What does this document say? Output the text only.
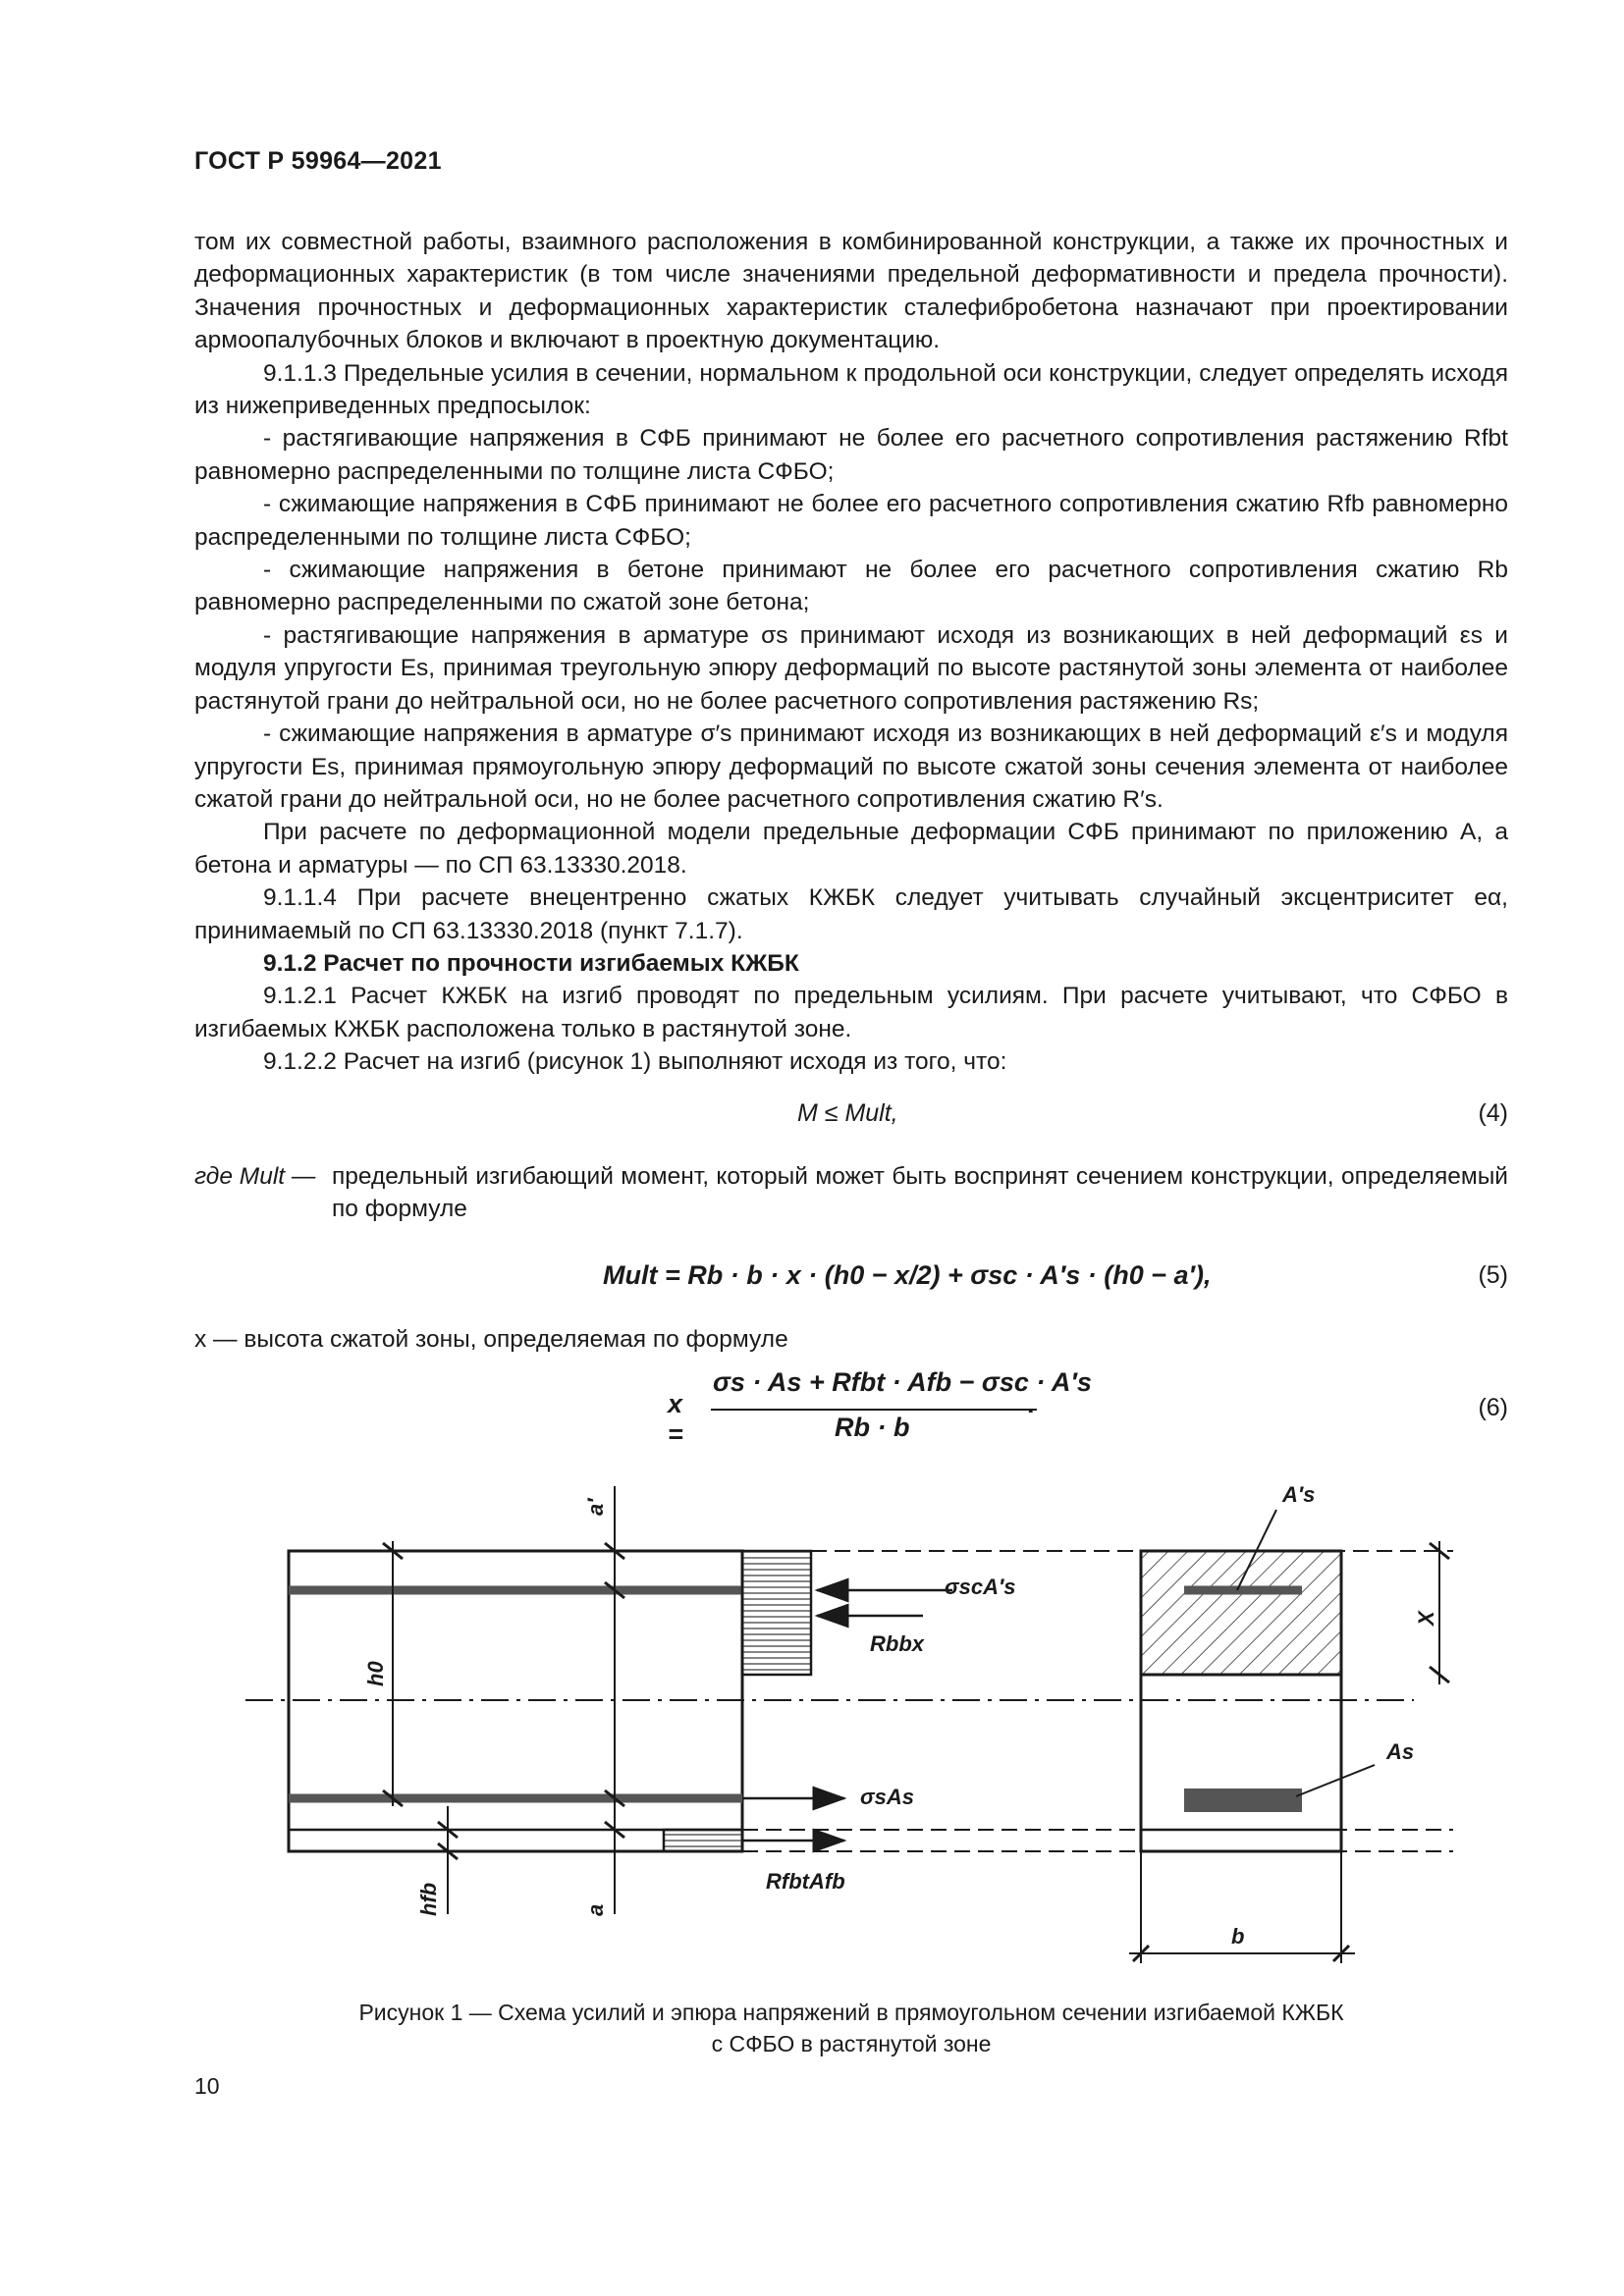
ГОСТ Р 59964—2021

том их совместной работы, взаимного расположения в комбинированной конструкции, а также их прочностных и деформационных характеристик (в том числе значениями предельной деформативности и предела прочности). Значения прочностных и деформационных характеристик сталефибробетона назначают при проектировании армоопалубочных блоков и включают в проектную документацию.

9.1.1.3 Предельные усилия в сечении, нормальном к продольной оси конструкции, следует определять исходя из нижеприведенных предпосылок:

- растягивающие напряжения в СФБ принимают не более его расчетного сопротивления растяжению Rfbt равномерно распределенными по толщине листа СФБО;

- сжимающие напряжения в СФБ принимают не более его расчетного сопротивления сжатию Rfb равномерно распределенными по толщине листа СФБО;

- сжимающие напряжения в бетоне принимают не более его расчетного сопротивления сжатию Rb равномерно распределенными по сжатой зоне бетона;

- растягивающие напряжения в арматуре σs принимают исходя из возникающих в ней деформаций εs и модуля упругости Es, принимая треугольную эпюру деформаций по высоте растянутой зоны элемента от наиболее растянутой грани до нейтральной оси, но не более расчетного сопротивления растяжению Rs;

- сжимающие напряжения в арматуре σ′s принимают исходя из возникающих в ней деформаций ε′s и модуля упругости Es, принимая прямоугольную эпюру деформаций по высоте сжатой зоны сечения элемента от наиболее сжатой грани до нейтральной оси, но не более расчетного сопротивления сжатию R′s.

При расчете по деформационной модели предельные деформации СФБ принимают по приложению А, а бетона и арматуры — по СП 63.13330.2018.

9.1.1.4 При расчете внецентренно сжатых КЖБК следует учитывать случайный эксцентриситет eα, принимаемый по СП 63.13330.2018 (пункт 7.1.7).

9.1.2 Расчет по прочности изгибаемых КЖБК

9.1.2.1 Расчет КЖБК на изгиб проводят по предельным усилиям. При расчете учитывают, что СФБО в изгибаемых КЖБК расположена только в растянутой зоне.

9.1.2.2 Расчет на изгиб (рисунок 1) выполняют исходя из того, что:

M ≤ Mult,	(4)
где Mult — предельный изгибающий момент, который может быть воспринят сечением конструкции, определяемый по формуле
Mult = Rb · b · x · (h0 − x/2) + σsc · A′s · (h0 − a′),	(5)
x — высота сжатой зоны, определяемая по формуле
x =
σs · As + Rfbt · Afb − σsc · A′s
Rb · b
.	(6)
a′
h0
hfb	a
σscA′s
Rbbx
σsAs
RfbtAfb
A′s
X
As
b
Рисунок 1 — Схема усилий и эпюра напряжений в прямоугольном сечении изгибаемой КЖБК
с СФБО в растянутой зоне
10
